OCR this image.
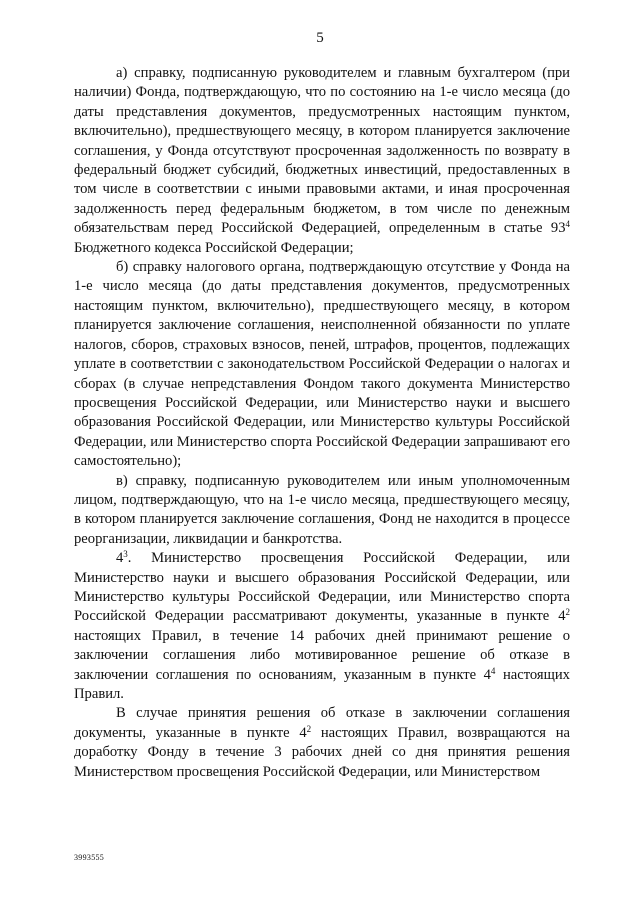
5

а) справку, подписанную руководителем и главным бухгалтером (при наличии) Фонда, подтверждающую, что по состоянию на 1-е число месяца (до даты представления документов, предусмотренных настоящим пунктом, включительно), предшествующего месяцу, в котором планируется заключение соглашения, у Фонда отсутствуют просроченная задолженность по возврату в федеральный бюджет субсидий, бюджетных инвестиций, предоставленных в том числе в соответствии с иными правовыми актами, и иная просроченная задолженность перед федеральным бюджетом, в том числе по денежным обязательствам перед Российской Федерацией, определенным в статье $93^4$ Бюджетного кодекса Российской Федерации;

б) справку налогового органа, подтверждающую отсутствие у Фонда на 1-е число месяца (до даты представления документов, предусмотренных настоящим пунктом, включительно), предшествующего месяцу, в котором планируется заключение соглашения, неисполненной обязанности по уплате налогов, сборов, страховых взносов, пеней, штрафов, процентов, подлежащих уплате в соответствии с законодательством Российской Федерации о налогах и сборах (в случае непредставления Фондом такого документа Министерство просвещения Российской Федерации, или Министерство науки и высшего образования Российской Федерации, или Министерство культуры Российской Федерации, или Министерство спорта Российской Федерации запрашивают его самостоятельно);

в) справку, подписанную руководителем или иным уполномоченным лицом, подтверждающую, что на 1-е число месяца, предшествующего месяцу, в котором планируется заключение соглашения, Фонд не находится в процессе реорганизации, ликвидации и банкротства.

$4^3$. Министерство просвещения Российской Федерации, или Министерство науки и высшего образования Российской Федерации, или Министерство культуры Российской Федерации, или Министерство спорта Российской Федерации рассматривают документы, указанные в пункте $4^2$ настоящих Правил, в течение 14 рабочих дней принимают решение о заключении соглашения либо мотивированное решение об отказе в заключении соглашения по основаниям, указанным в пункте $4^4$ настоящих Правил.

В случае принятия решения об отказе в заключении соглашения документы, указанные в пункте $4^2$ настоящих Правил, возвращаются на доработку Фонду в течение 3 рабочих дней со дня принятия решения Министерством просвещения Российской Федерации, или Министерством

3993555
